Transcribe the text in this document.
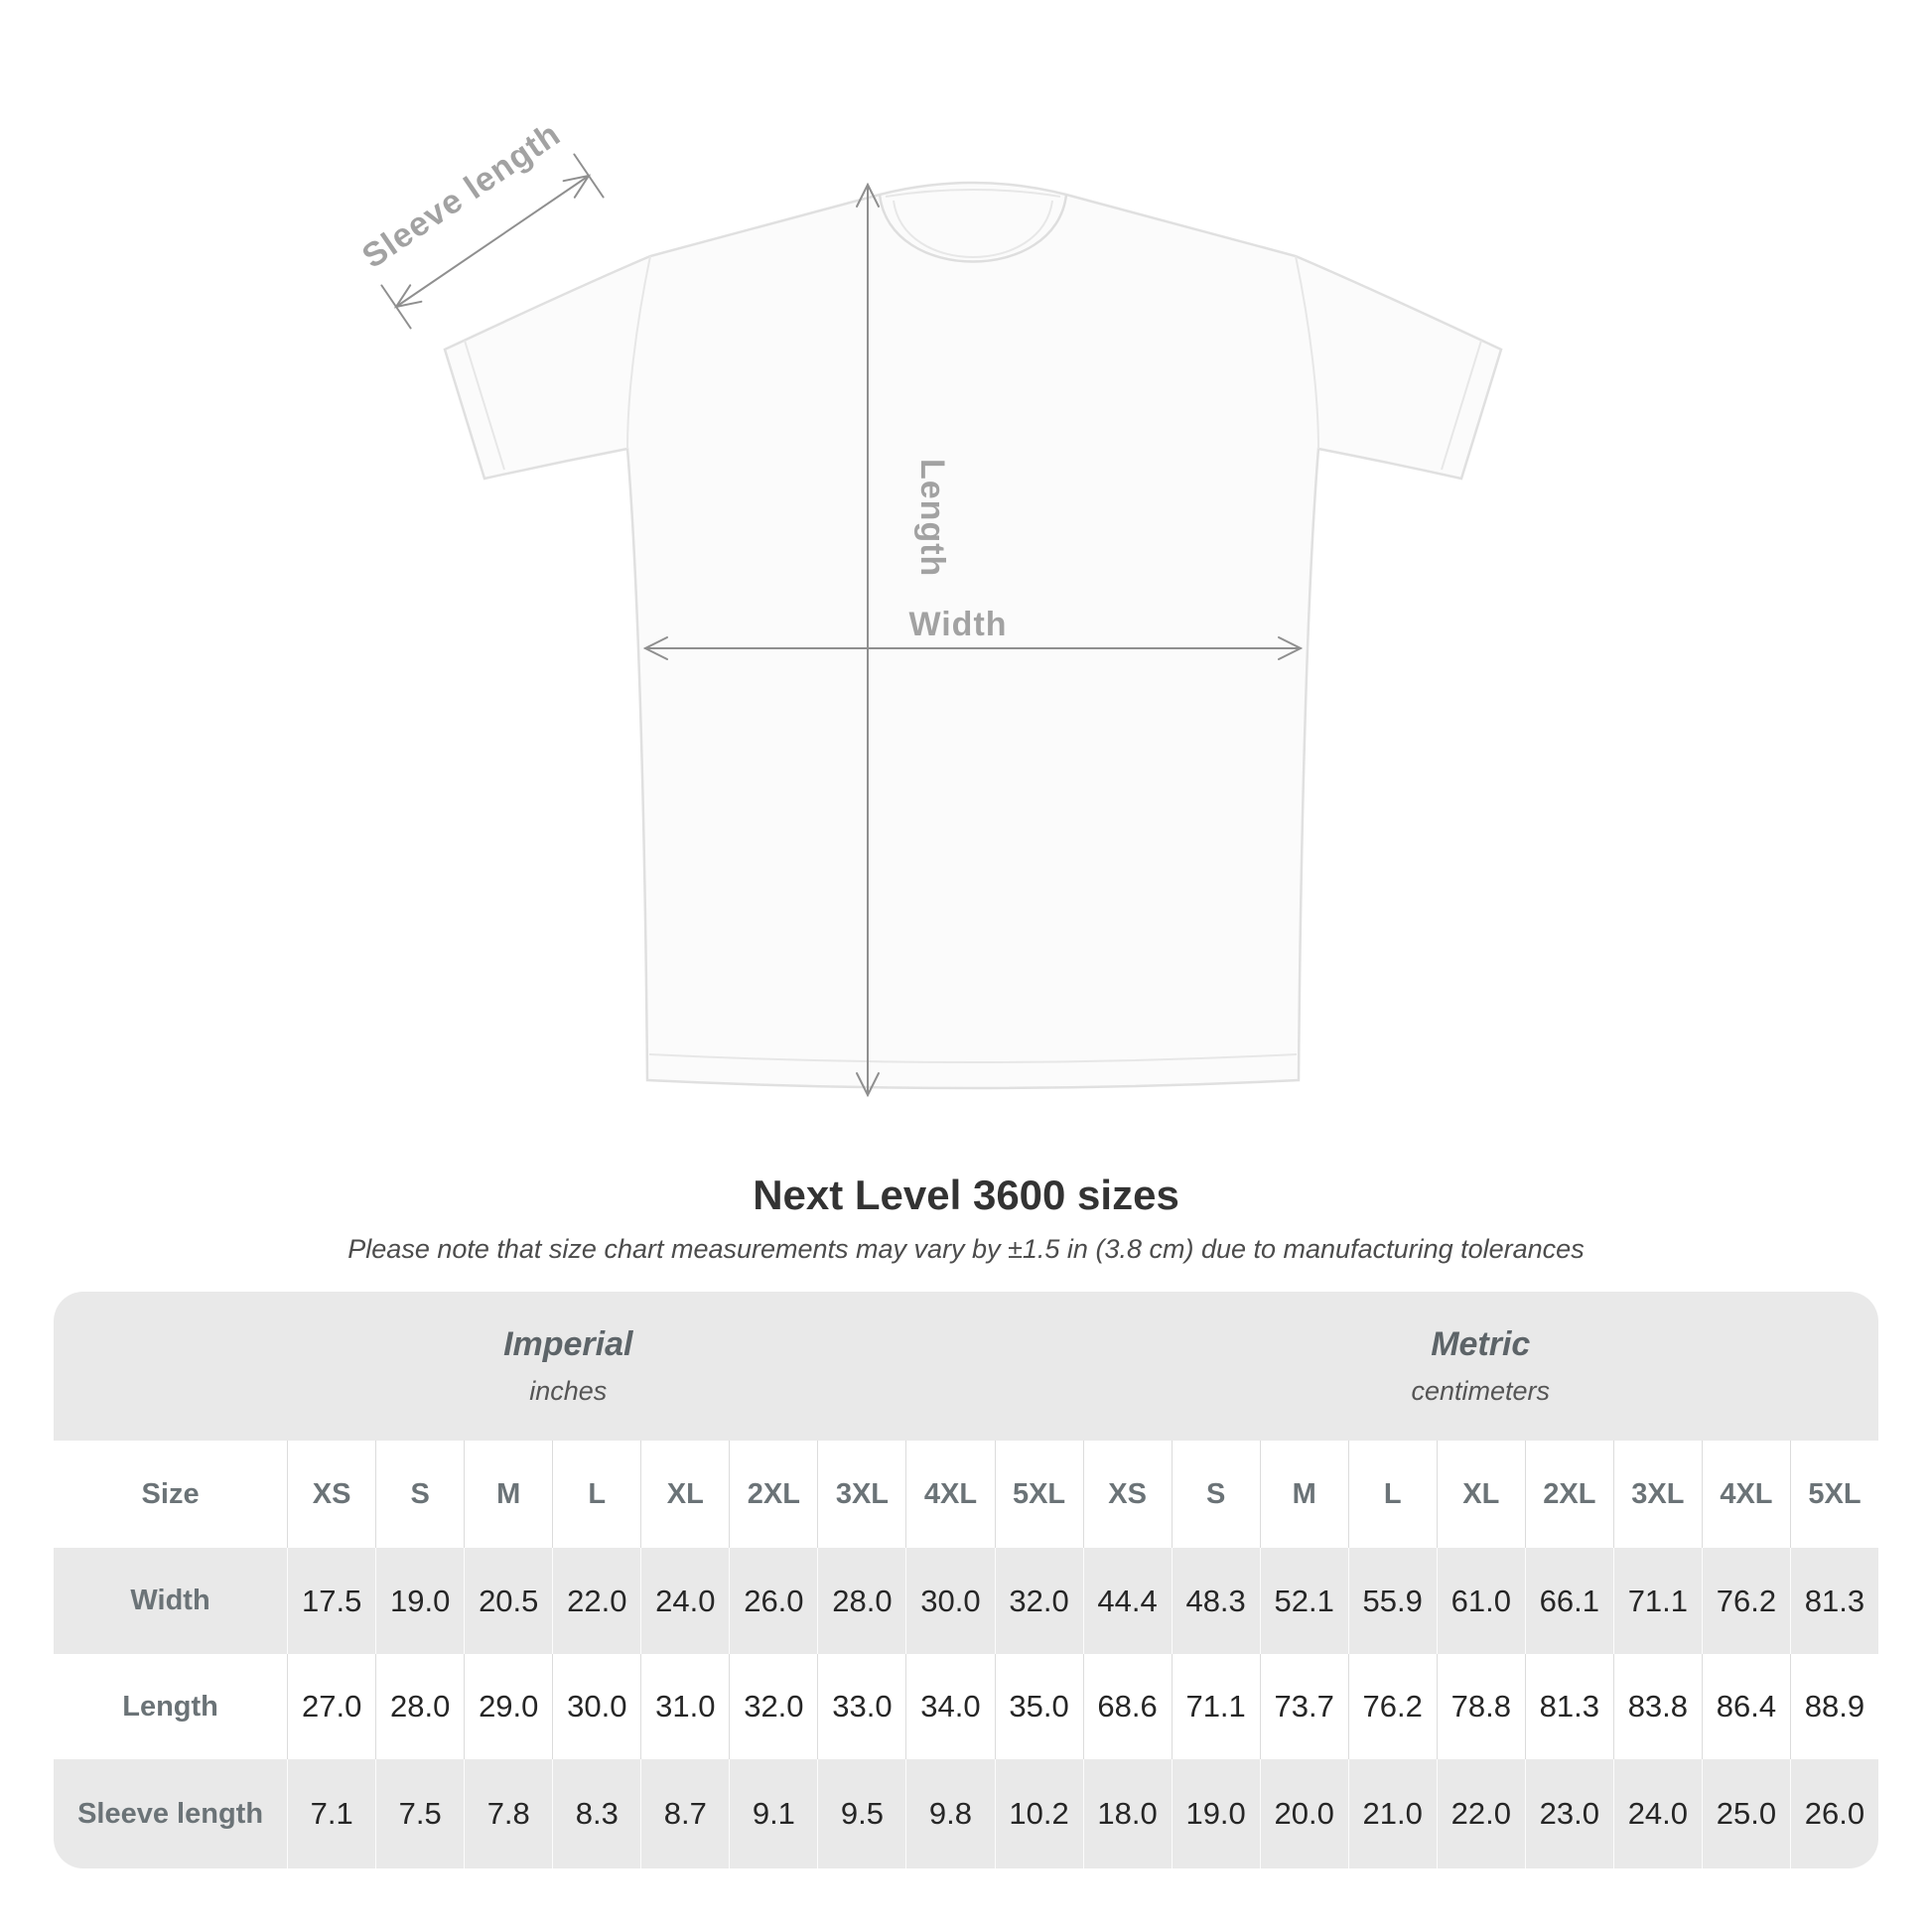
Sleeve length
Length
Width
Next Level 3600 sizes

Please note that size chart measurements may vary by ±1.5 in (3.8 cm) due to manufacturing tolerances

Imperial
inches
Metric
centimeters
Size	XS	S	M	L	XL	2XL	3XL	4XL	5XL	XS	S	M	L	XL	2XL	3XL	4XL	5XL
Width	17.5 19.0 20.5 22.0 24.0 26.0 28.0 30.0 32.0 44.4 48.3 52.1 55.9 61.0 66.1 71.1 76.2 81.3
Length	27.0 28.0 29.0 30.0 31.0 32.0 33.0 34.0 35.0 68.6 71.1 73.7 76.2 78.8 81.3 83.8 86.4 88.9
Sleeve length	7.1	7.5	7.8	8.3	8.7	9.1	9.5	9.8	10.2 18.0 19.0 20.0 21.0 22.0 23.0 24.0 25.0 26.0
